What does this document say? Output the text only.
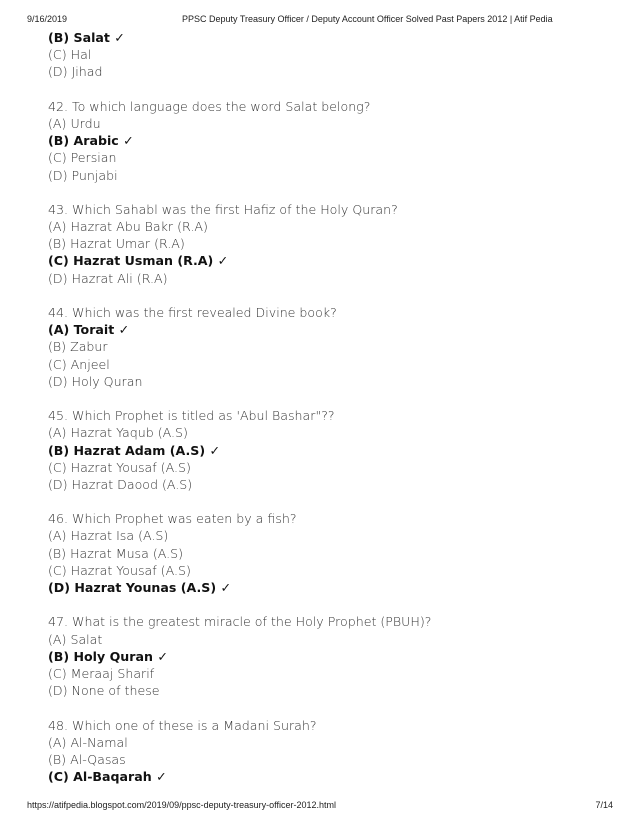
9/16/2019	PPSC Deputy Treasury Officer / Deputy Account Officer Solved Past Papers 2012 | Atif Pedia
(B) Salat ✓
(C) Hal
(D) Jihad
42. To which language does the word Salat belong?
(A) Urdu
(B) Arabic ✓
(C) Persian
(D) Punjabi
43. Which Sahabl was the first Hafiz of the Holy Quran?
(A) Hazrat Abu Bakr (R.A)
(B) Hazrat Umar (R.A)
(C) Hazrat Usman (R.A) ✓
(D) Hazrat Ali (R.A)
44. Which was the first revealed Divine book?
(A) Torait ✓
(B) Zabur
(C) Anjeel
(D) Holy Quran
45. Which Prophet is titled as 'Abul Bashar"??
(A) Hazrat Yaqub (A.S)
(B) Hazrat Adam (A.S) ✓
(C) Hazrat Yousaf (A.S)
(D) Hazrat Daood (A.S)
46. Which Prophet was eaten by a fish?
(A) Hazrat Isa (A.S)
(B) Hazrat Musa (A.S)
(C) Hazrat Yousaf (A.S)
(D) Hazrat Younas (A.S) ✓
47. What is the greatest miracle of the Holy Prophet (PBUH)?
(A) Salat
(B) Holy Quran ✓
(C) Meraaj Sharif
(D) None of these
48. Which one of these is a Madani Surah?
(A) Al-Namal
(B) Al-Qasas
(C) Al-Baqarah ✓
https://atifpedia.blogspot.com/2019/09/ppsc-deputy-treasury-officer-2012.html	7/14
